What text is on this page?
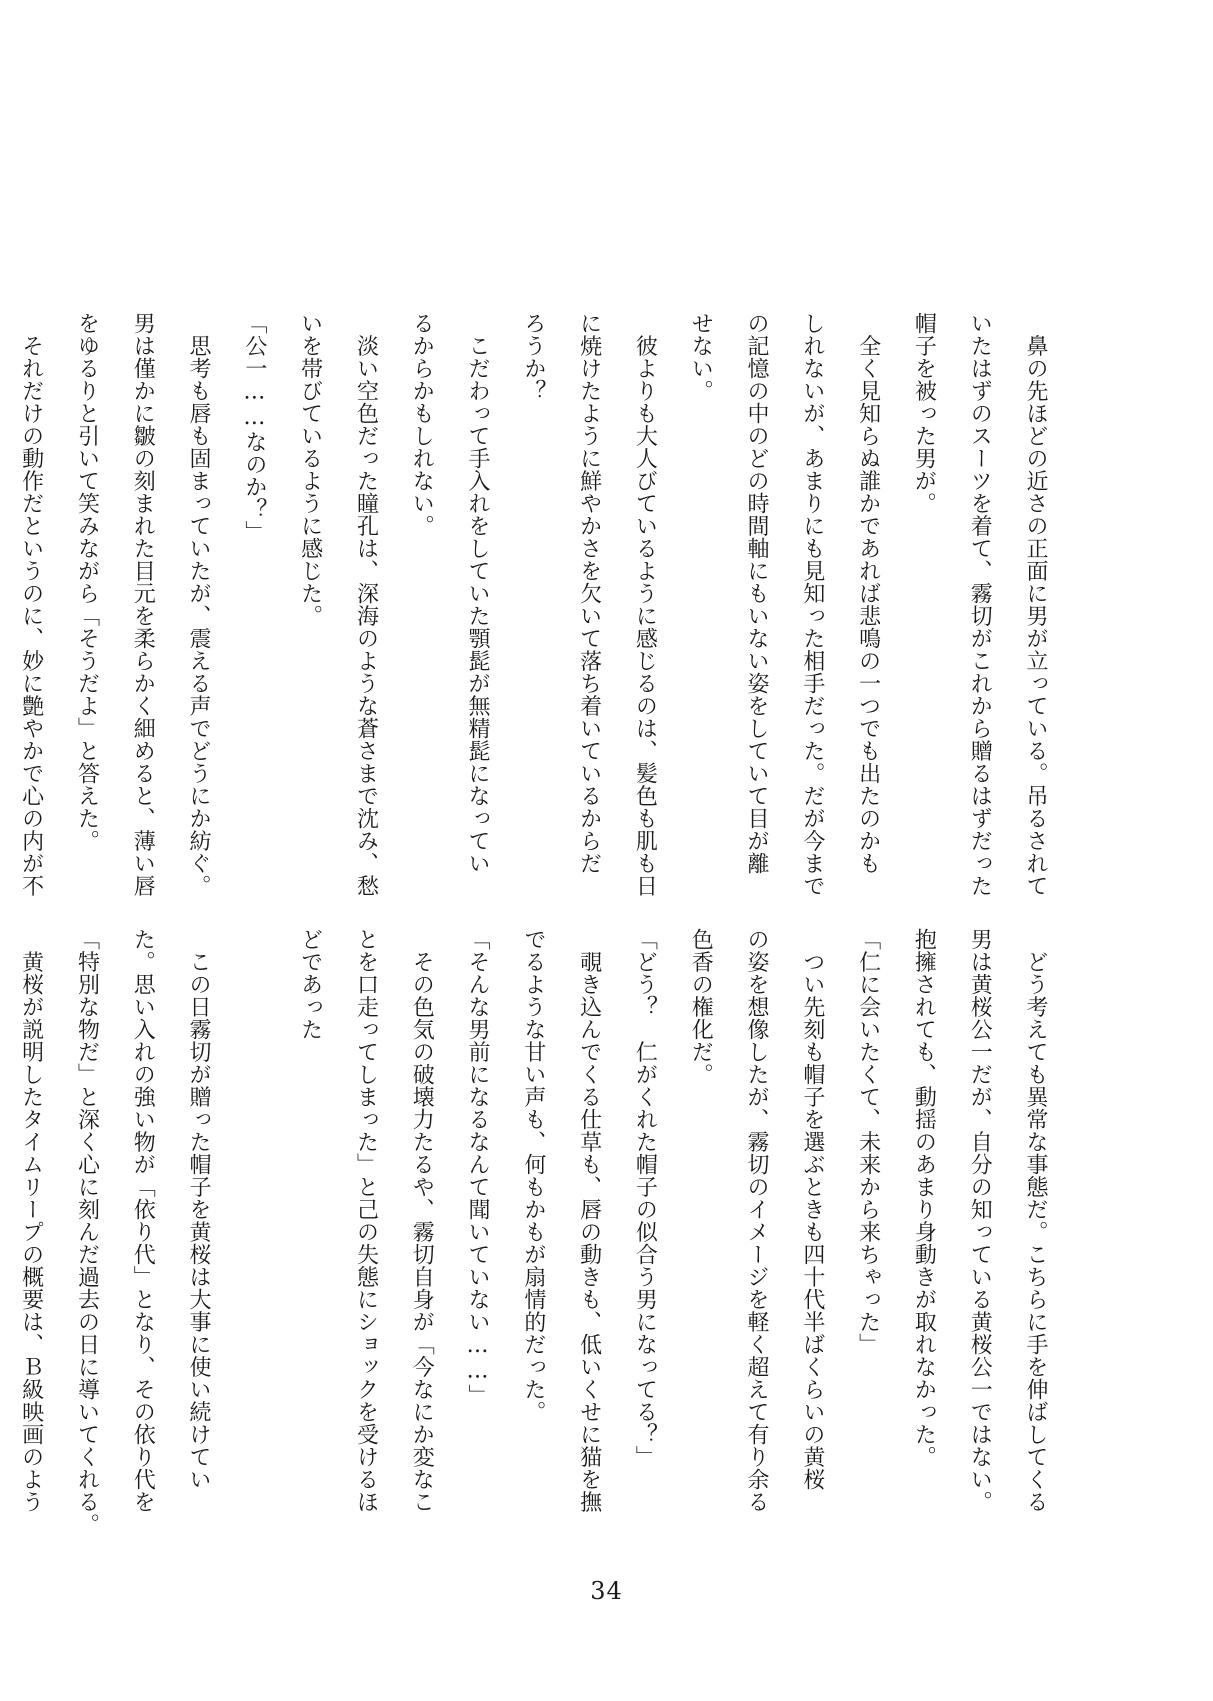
　鼻の先ほどの近さの正面に男が立っている。吊るされて
いたはずのスーツを着て、霧切がこれから贈るはずだった
帽子を被った男が。
　全く見知らぬ誰かであれば悲鳴の一つでも出たのかも
しれないが、あまりにも見知った相手だった。だが今まで
の記憶の中のどの時間軸にもいない姿をしていて目が離
せない。
　彼よりも大人びているように感じるのは、髪色も肌も日
に焼けたように鮮やかさを欠いて落ち着いているからだ
ろうか？
　こだわって手入れをしていた顎髭が無精髭になってい
るからかもしれない。
　淡い空色だった瞳孔は、深海のような蒼さまで沈み、愁
いを帯びているように感じた。
「公一……なのか？」
　思考も唇も固まっていたが、震える声でどうにか紡ぐ。
男は僅かに皺の刻まれた目元を柔らかく細めると、薄い唇
をゆるりと引いて笑みながら「そうだよ」と答えた。
　それだけの動作だというのに、妙に艶やかで心の内が不
　どう考えても異常な事態だ。こちらに手を伸ばしてくる
男は黄桜公一だが、自分の知っている黄桜公一ではない。
抱擁されても、動揺のあまり身動きが取れなかった。
「仁に会いたくて、未来から来ちゃった」
　つい先刻も帽子を選ぶときも四十代半ばくらいの黄桜
の姿を想像したが、霧切のイメージを軽く超えて有り余る
色香の権化だ。
「どう？　仁がくれた帽子の似合う男になってる？」
　覗き込んでくる仕草も、唇の動きも、低いくせに猫を撫
でるような甘い声も、何もかもが扇情的だった。
「そんな男前になるなんて聞いていない……」
　その色気の破壊力たるや、霧切自身が「今なにか変なこ
とを口走ってしまった」と己の失態にショックを受けるほ
どであった

　この日霧切が贈った帽子を黄桜は大事に使い続けてい
た。思い入れの強い物が「依り代」となり、その依り代を
「特別な物だ」と深く心に刻んだ過去の日に導いてくれる。
　黄桜が説明したタイムリープの概要は、Ｂ級映画のよう
34
